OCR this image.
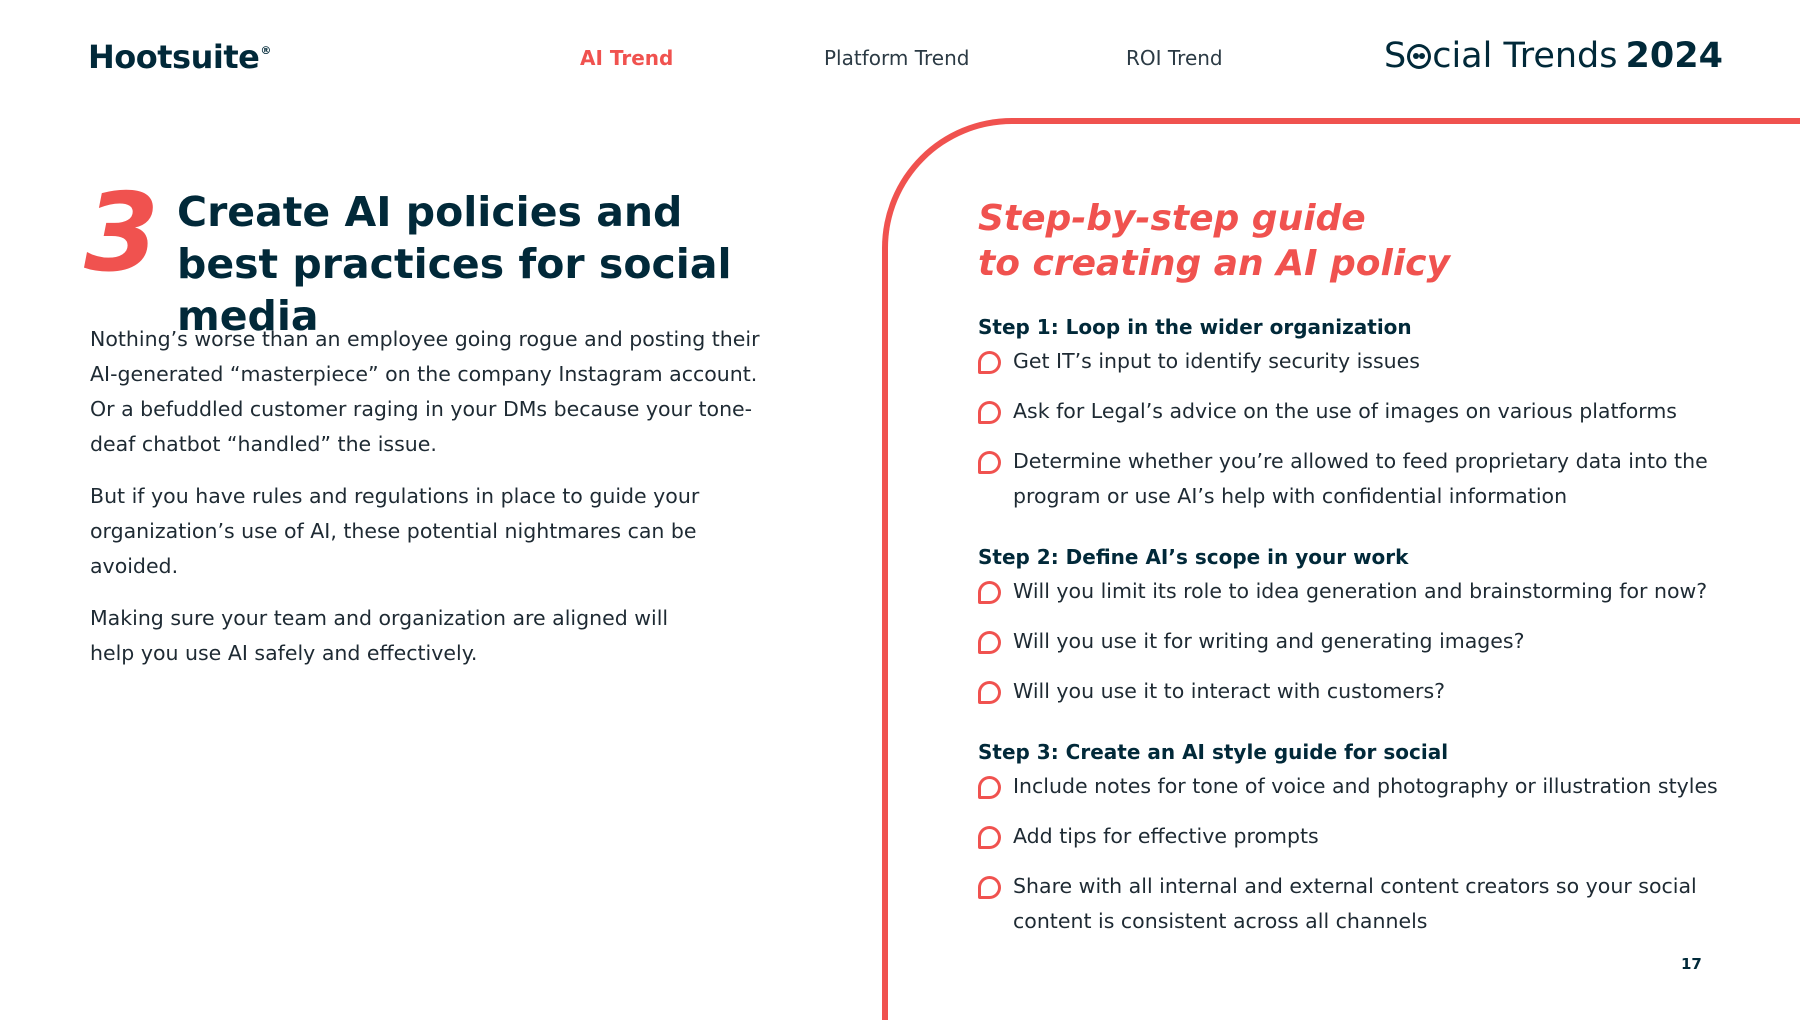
Hootsuite®	AI Trend	Platform Trend	ROI Trend	S cial Trends 2024
3 Create AI policies and best practices for social media

Nothing’s worse than an employee going rogue and posting their AI-generated “masterpiece” on the company Instagram account. Or a befuddled customer raging in your DMs because your tone-deaf chatbot “handled” the issue.

But if you have rules and regulations in place to guide your organization’s use of AI, these potential nightmares can be avoided.

Making sure your team and organization are aligned will help you use AI safely and effectively.

Step-by-step guide
to creating an AI policy
Step 1: Loop in the wider organization
Get IT’s input to identify security issues
Ask for Legal’s advice on the use of images on various platforms
Determine whether you’re allowed to feed proprietary data into the program or use AI’s help with confidential information
Step 2: Define AI’s scope in your work
Will you limit its role to idea generation and brainstorming for now?
Will you use it for writing and generating images?
Will you use it to interact with customers?
Step 3: Create an AI style guide for social
Include notes for tone of voice and photography or illustration styles
Add tips for effective prompts
Share with all internal and external content creators so your social content is consistent across all channels
17
